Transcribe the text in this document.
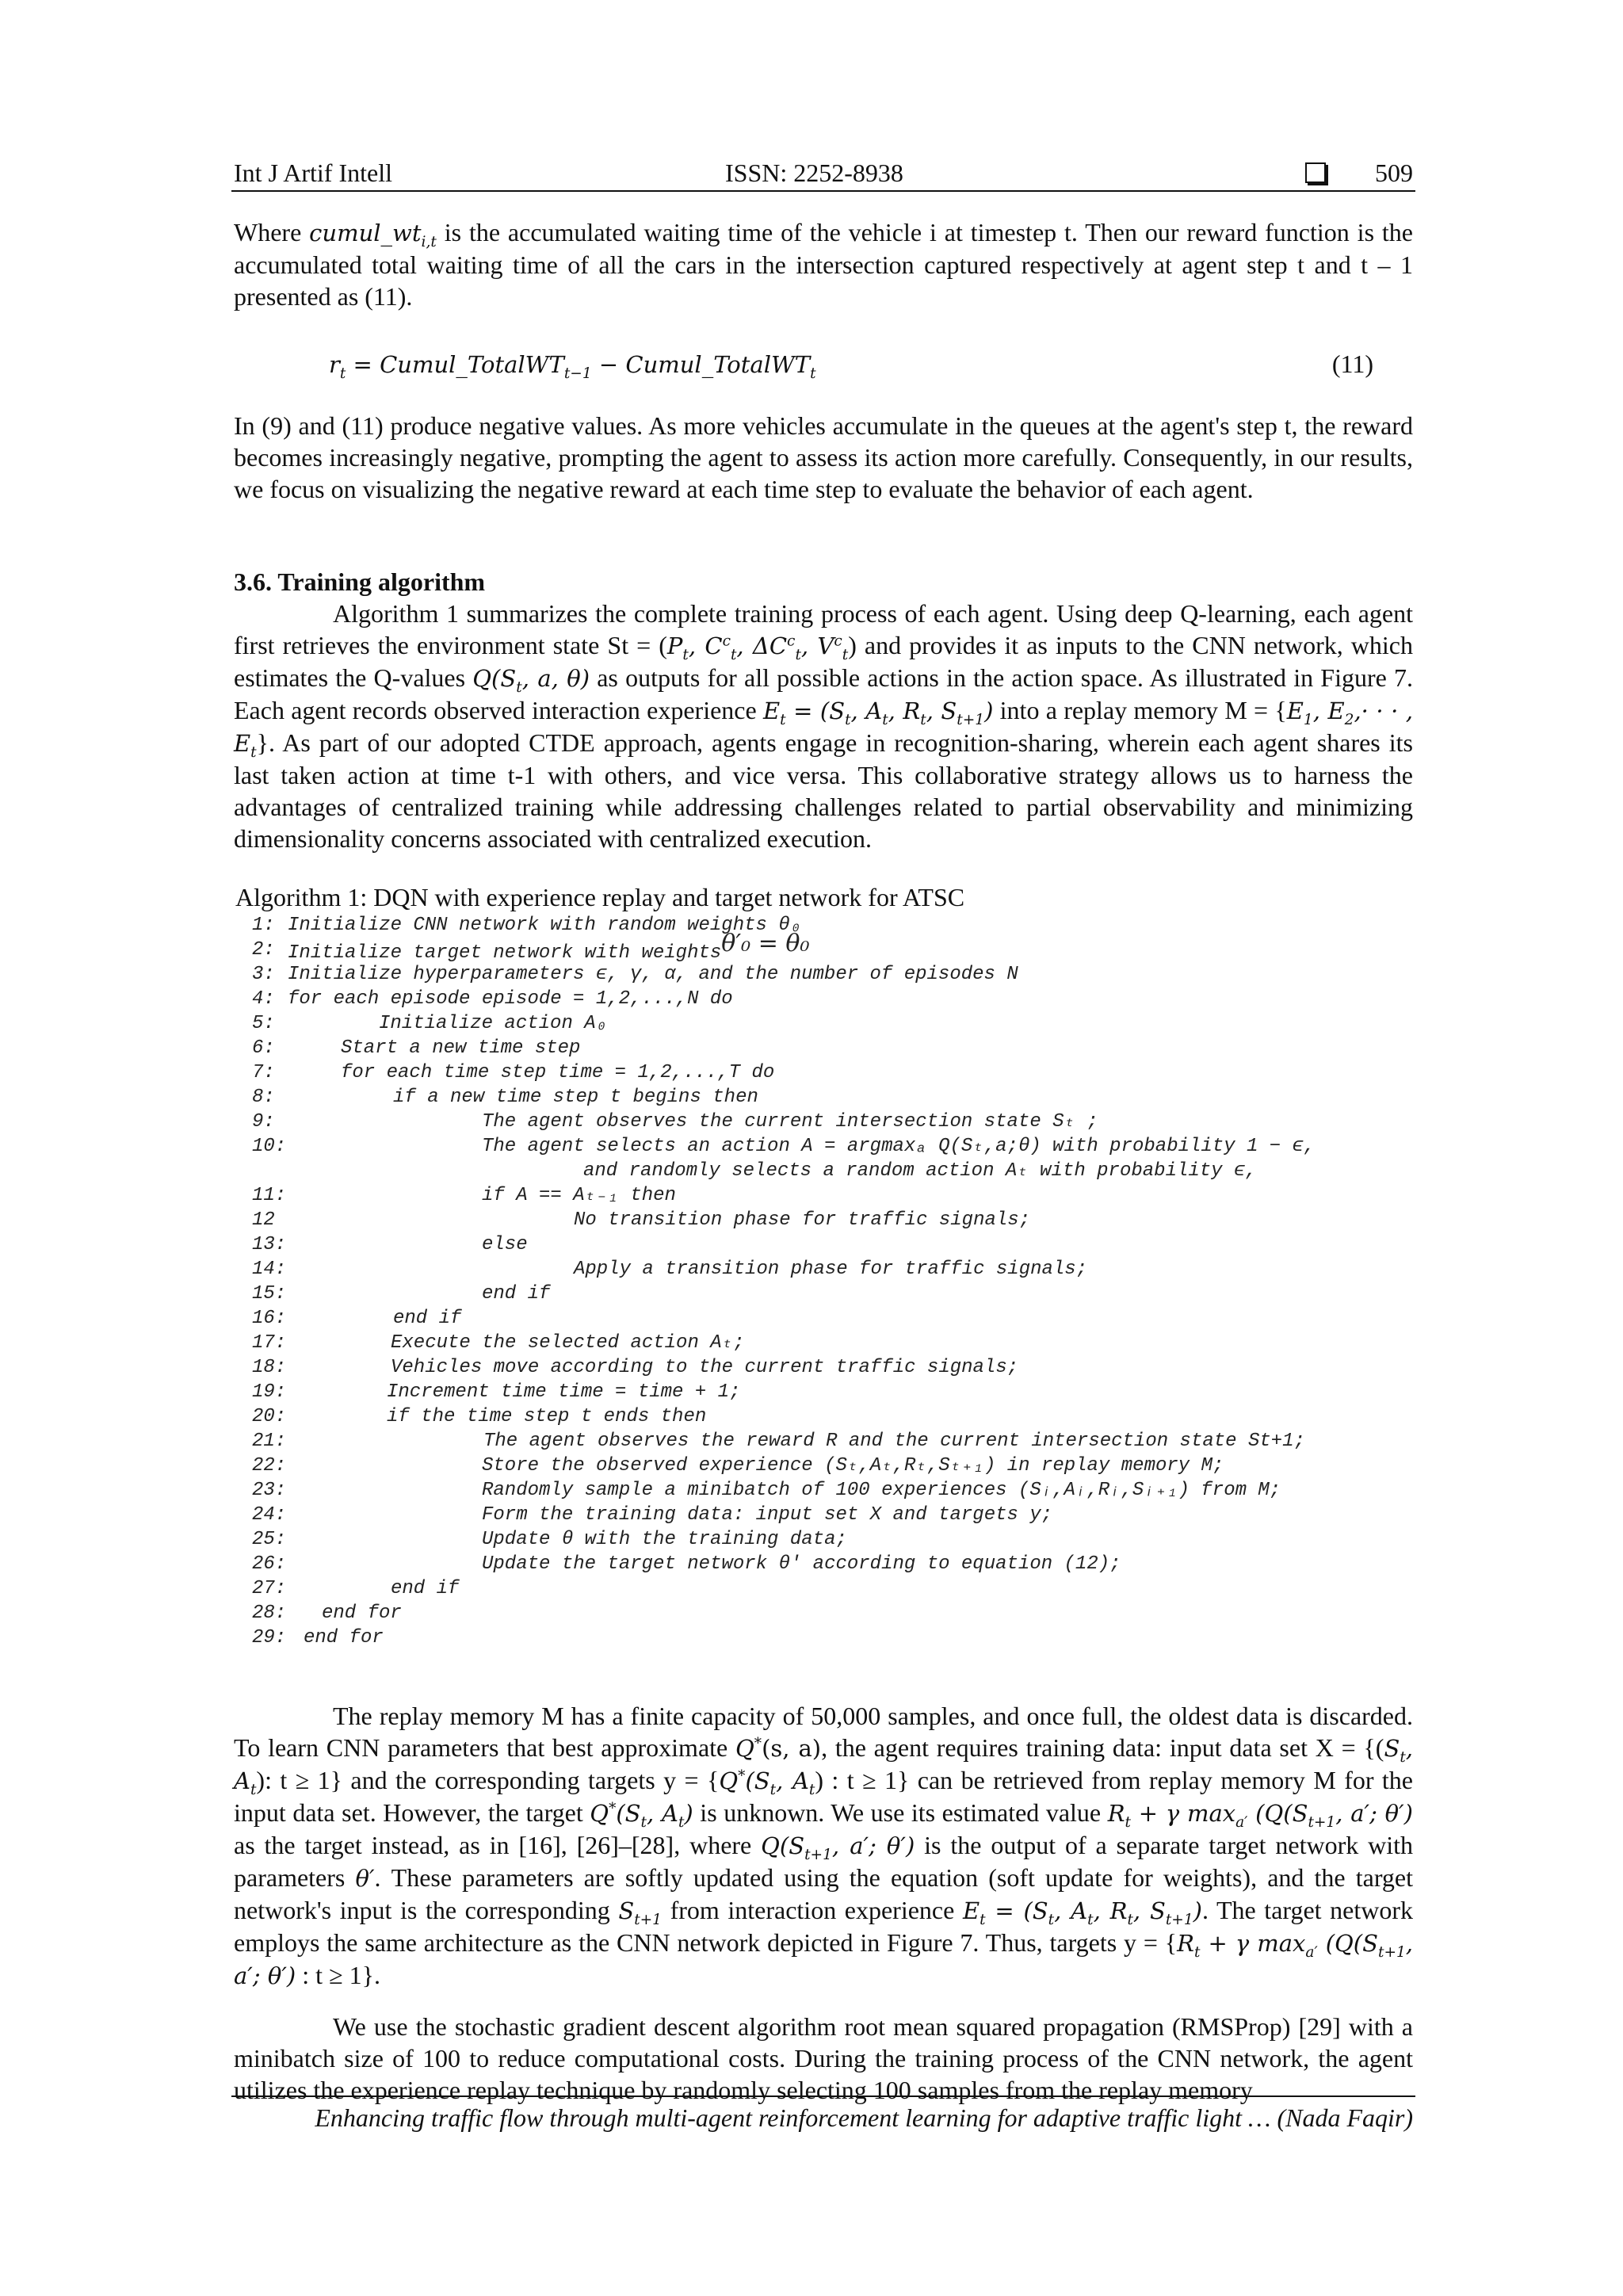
Int J Artif Intell	ISSN: 2252-8938	509

Where $cumul\_wt_{i,t}$ is the accumulated waiting time of the vehicle i at timestep t. Then our reward function is the accumulated total waiting time of all the cars in the intersection captured respectively at agent step t and t – 1 presented as (11).

$r_t$ = Cumul_TotalWT$_{t-1}$ − Cumul_TotalWT$_t$	(11)

In (9) and (11) produce negative values. As more vehicles accumulate in the queues at the agent's step t, the reward becomes increasingly negative, prompting the agent to assess its action more carefully. Consequently, in our results, we focus on visualizing the negative reward at each time step to evaluate the behavior of each agent.

3.6. Training algorithm

Algorithm 1 summarizes the complete training process of each agent. Using deep Q-learning, each agent first retrieves the environment state $St = (P_t$, $C^c_t$, $\Delta C^c_t$, $V^c_t$) and provides it as inputs to the CNN network, which estimates the Q-values $Q(S_t$, a, θ) as outputs for all possible actions in the action space. As illustrated in Figure 7. Each agent records observed interaction experience $E_t = (S_t$, $A_t$, $R_t$, $S_{t+1}$) into a replay memory $M = \{E_1$, $E_2,\cdot$ · · , $E_t$}. As part of our adopted CTDE approach, agents engage in recognition-sharing, wherein each agent shares its last taken action at time t-1 with others, and vice versa. This collaborative strategy allows us to harness the advantages of centralized training while addressing challenges related to partial observability and minimizing dimensionality concerns associated with centralized execution.

Algorithm 1: DQN with experience replay and target network for ATSC
1: Initialize CNN network with random weights θ₀
2: Initialize target network with weightsθ′₀ = θ₀
3: Initialize hyperparameters ϵ, γ, α, and the number of episodes N
4: for each episode episode = 1,2,...,N do
5:	Initialize action A₀
6:	Start a new time step
7:	for each time step time = 1,2,...,T do
8:	if a new time step t begins then
9:	The agent observes the current intersection state Sₜ ;
10:	The agent selects an action A = argmaxₐ Q(Sₜ,a;θ) with probability 1 − ϵ,
and randomly selects a random action Aₜ with probability ϵ,
11:	if A == Aₜ₋₁ then
12	No transition phase for traffic signals;
13:	else
14:	Apply a transition phase for traffic signals;
15:	end if
16:	end if
17:	Execute the selected action Aₜ;
18:	Vehicles move according to the current traffic signals;
19:	Increment time time = time + 1;
20:	if the time step t ends then
21:	The agent observes the reward R and the current intersection state St+1;
22:	Store the observed experience (Sₜ,Aₜ,Rₜ,Sₜ₊₁) in replay memory M;
23:	Randomly sample a minibatch of 100 experiences (Sᵢ,Aᵢ,Rᵢ,Sᵢ₊₁) from M;
24:	Form the training data: input set X and targets y;
25:	Update θ with the training data;
26:	Update the target network θ' according to equation (12);
27:	end if
28: end for
29: end for

The replay memory M has a finite capacity of 50,000 samples, and once full, the oldest data is discarded. To learn CNN parameters that best approximate Q*(s, a), the agent requires training data: input data set $X = \{(S_t$, $A_t$): t ≥ 1} and the corresponding targets $y = \{Q^*(S_t$, $A_t$) : t ≥ 1} can be retrieved from replay memory M for the input data set. However, the target $Q^*(S_t$, $A_t$) is unknown. We use its estimated value $R_t + \gamma$ $\max_{a'} (Q(S_{t+1}$, a′; θ′) as the target instead, as in [16], [26]–[28], where $Q(S_{t+1}$, a′; θ′) is the output of a separate target network with parameters θ′. These parameters are softly updated using the equation (soft update for weights), and the target network's input is the corresponding $S_{t+1}$ from interaction experience $E_t = (S_t$, $A_t$, $R_t$, $S_{t+1}$). The target network employs the same architecture as the CNN network depicted in Figure 7. Thus, targets $y = \{R_t + \gamma$ $\max_{a'} (Q(S_{t+1}$, a′; θ′) : t ≥ 1}.

We use the stochastic gradient descent algorithm root mean squared propagation (RMSProp) [29] with a minibatch size of 100 to reduce computational costs. During the training process of the CNN network, the agent utilizes the experience replay technique by randomly selecting 100 samples from the replay memory

Enhancing traffic flow through multi-agent reinforcement learning for adaptive traffic light … (Nada Faqir)
